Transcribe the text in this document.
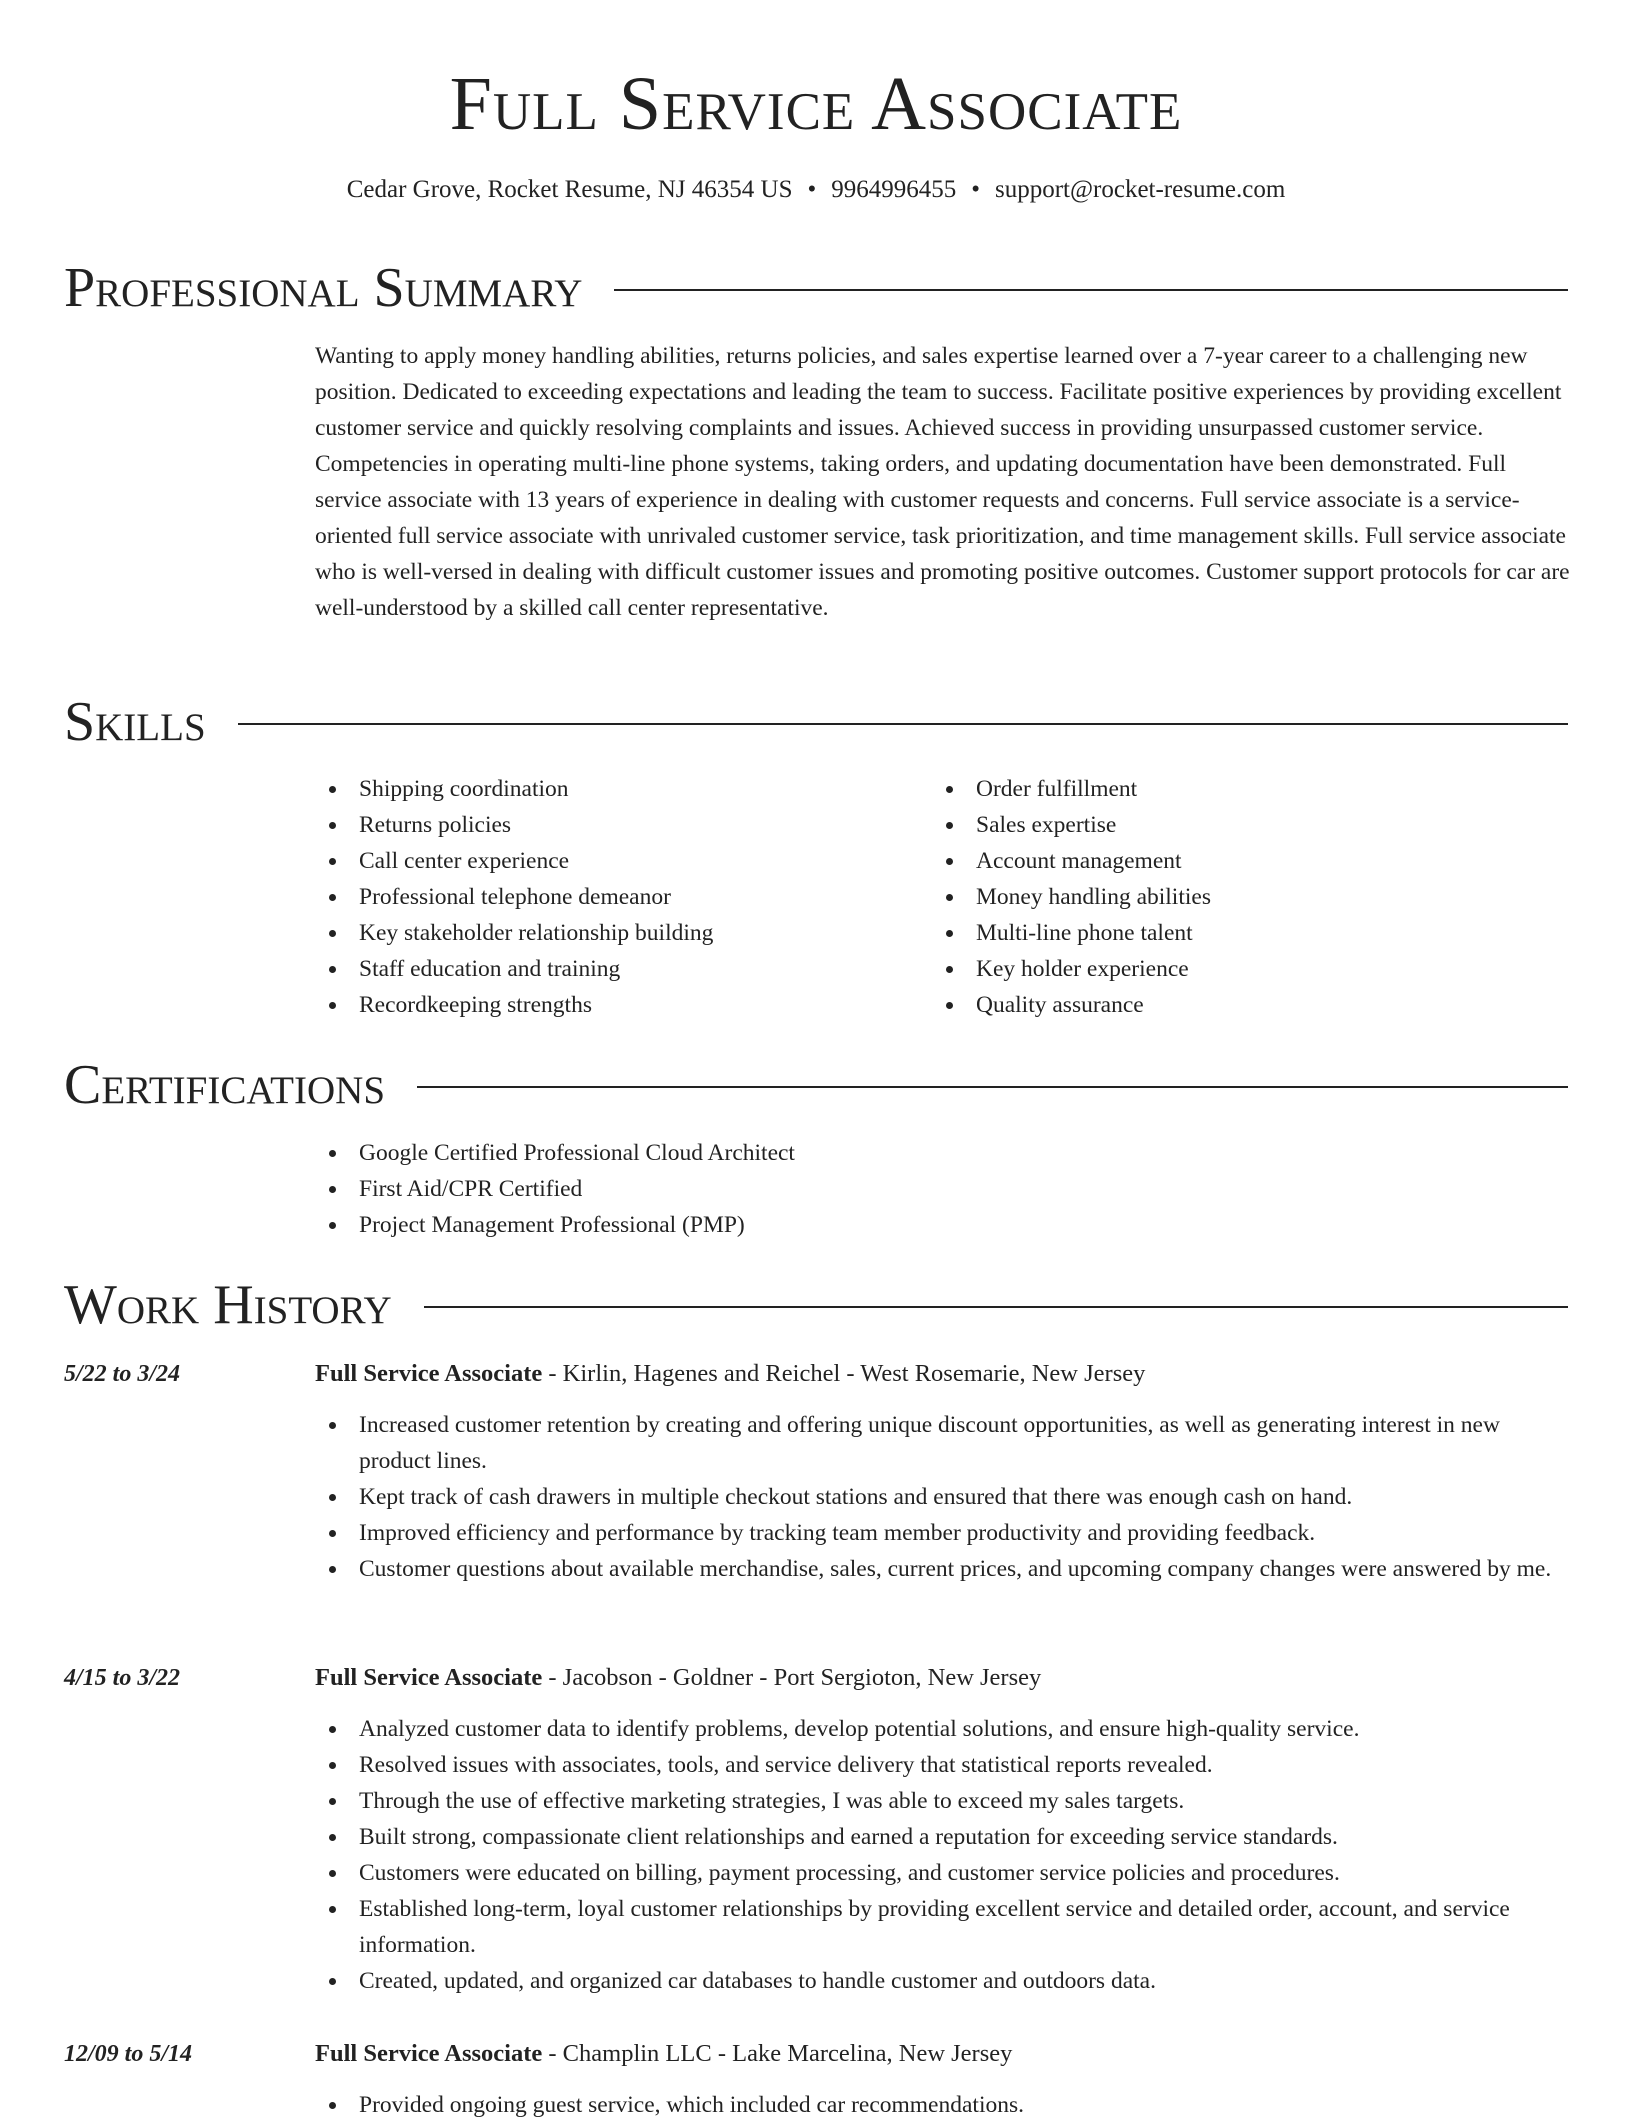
Full Service Associate
Cedar Grove, Rocket Resume, NJ 46354 US • 9964996455 • support@rocket-resume.com
Professional Summary
Wanting to apply money handling abilities, returns policies, and sales expertise learned over a 7-year career to a challenging new position. Dedicated to exceeding expectations and leading the team to success. Facilitate positive experiences by providing excellent customer service and quickly resolving complaints and issues. Achieved success in providing unsurpassed customer service. Competencies in operating multi-line phone systems, taking orders, and updating documentation have been demonstrated. Full service associate with 13 years of experience in dealing with customer requests and concerns. Full service associate is a service-oriented full service associate with unrivaled customer service, task prioritization, and time management skills. Full service associate who is well-versed in dealing with difficult customer issues and promoting positive outcomes. Customer support protocols for car are well-understood by a skilled call center representative.
Skills
Shipping coordination
Returns policies
Call center experience
Professional telephone demeanor
Key stakeholder relationship building
Staff education and training
Recordkeeping strengths
Order fulfillment
Sales expertise
Account management
Money handling abilities
Multi-line phone talent
Key holder experience
Quality assurance
Certifications
Google Certified Professional Cloud Architect
First Aid/CPR Certified
Project Management Professional (PMP)
Work History
5/22 to 3/24	Full Service Associate - Kirlin, Hagenes and Reichel - West Rosemarie, New Jersey
Increased customer retention by creating and offering unique discount opportunities, as well as generating interest in new product lines.
Kept track of cash drawers in multiple checkout stations and ensured that there was enough cash on hand.
Improved efficiency and performance by tracking team member productivity and providing feedback.
Customer questions about available merchandise, sales, current prices, and upcoming company changes were answered by me.
4/15 to 3/22	Full Service Associate - Jacobson - Goldner - Port Sergioton, New Jersey
Analyzed customer data to identify problems, develop potential solutions, and ensure high-quality service.
Resolved issues with associates, tools, and service delivery that statistical reports revealed.
Through the use of effective marketing strategies, I was able to exceed my sales targets.
Built strong, compassionate client relationships and earned a reputation for exceeding service standards.
Customers were educated on billing, payment processing, and customer service policies and procedures.
Established long-term, loyal customer relationships by providing excellent service and detailed order, account, and service information.
Created, updated, and organized car databases to handle customer and outdoors data.
12/09 to 5/14	Full Service Associate - Champlin LLC - Lake Marcelina, New Jersey
Provided ongoing guest service, which included car recommendations.
